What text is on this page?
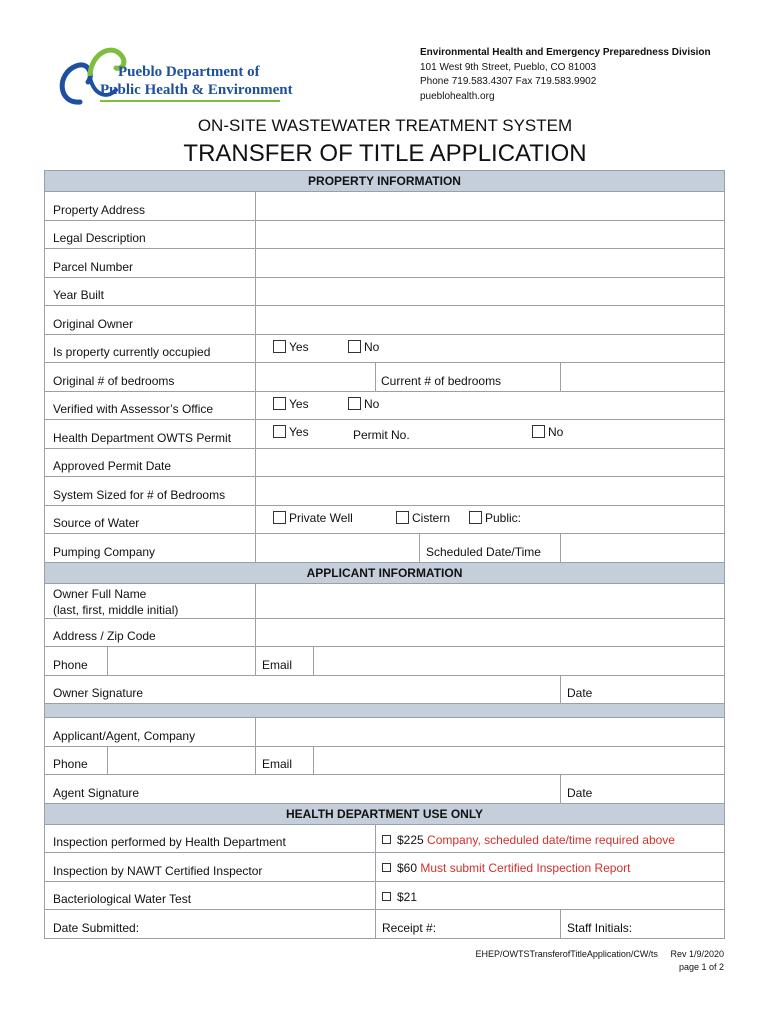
Pueblo Department of
Public Health & Environment
Environmental Health and Emergency Preparedness Division
101 West 9th Street, Pueblo, CO 81003
Phone 719.583.4307 Fax 719.583.9902
pueblohealth.org
ON-SITE WASTEWATER TREATMENT SYSTEM
TRANSFER OF TITLE APPLICATION
PROPERTY INFORMATION
Property Address
Legal Description
Parcel Number
Year Built
Original Owner
Is property currently occupied	Yes	No
Original # of bedrooms	Current # of bedrooms
Verified with Assessor’s Office	Yes	No
Health Department OWTS Permit	Yes	Permit No.	No
Approved Permit Date
System Sized for # of Bedrooms
Source of Water	Private Well	Cistern	Public:
Pumping Company	Scheduled Date/Time
APPLICANT INFORMATION
Owner Full Name
(last, first, middle initial)
Address / Zip Code
Phone	Email
Owner Signature	Date
Applicant/Agent, Company
Phone	Email
Agent Signature	Date
HEALTH DEPARTMENT USE ONLY
Inspection performed by Health Department	$225 Company, scheduled date/time required above
Inspection by NAWT Certified Inspector	$60 Must submit Certified Inspection Report
Bacteriological Water Test	$21
Date Submitted:	Receipt #:	Staff Initials:
EHEP/OWTSTransferofTitleApplication/CW/ts Rev 1/9/2020
page 1 of 2
